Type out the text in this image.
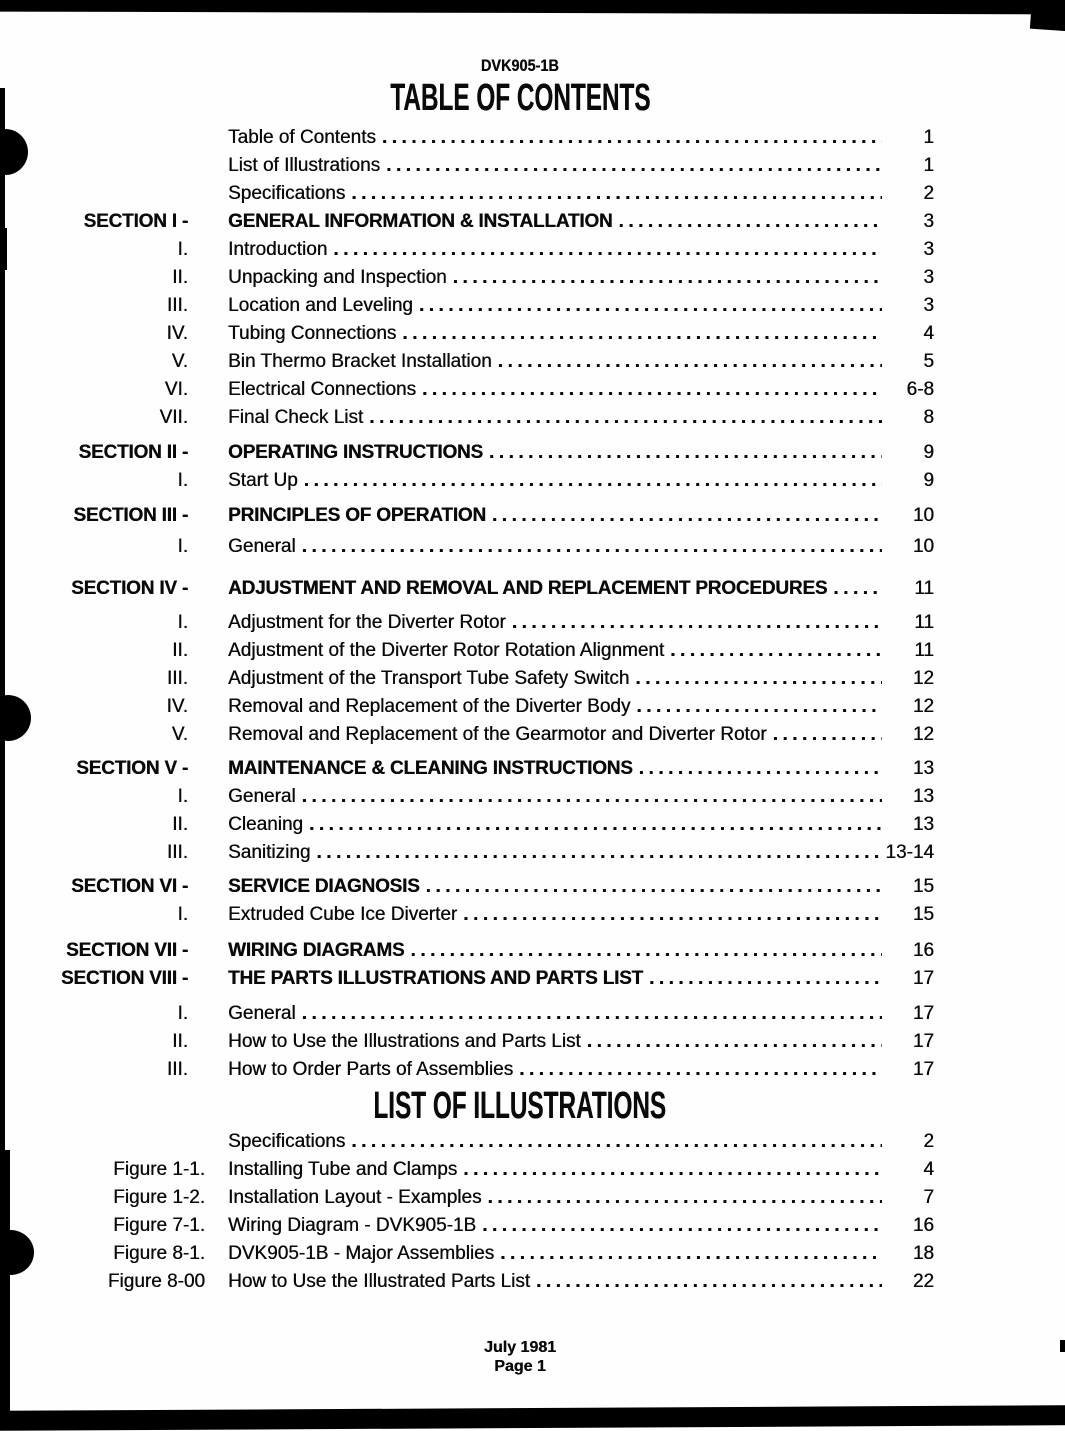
DVK905-1B
TABLE OF CONTENTS
Table of Contents .....	1
List of Illustrations .....	1
Specifications .....	2
SECTION I - GENERAL INFORMATION & INSTALLATION .....	3
I. Introduction .....	3
II. Unpacking and Inspection .....	3
III. Location and Leveling .....	3
IV. Tubing Connections .....	4
V. Bin Thermo Bracket Installation .....	5
VI. Electrical Connections .....	6-8
VII. Final Check List .....	8
SECTION II - OPERATING INSTRUCTIONS .....	9
I. Start Up .....	9
SECTION III - PRINCIPLES OF OPERATION .....	10
I. General .....	10
SECTION IV - ADJUSTMENT AND REMOVAL AND REPLACEMENT PROCEDURES .....	11
I. Adjustment for the Diverter Rotor .....	11
II. Adjustment of the Diverter Rotor Rotation Alignment .....	11
III. Adjustment of the Transport Tube Safety Switch .....	12
IV. Removal and Replacement of the Diverter Body .....	12
V. Removal and Replacement of the Gearmotor and Diverter Rotor .....	12
SECTION V - MAINTENANCE & CLEANING INSTRUCTIONS .....	13
I. General .....	13
II. Cleaning .....	13
III. Sanitizing .....	13-14
SECTION VI - SERVICE DIAGNOSIS .....	15
I. Extruded Cube Ice Diverter .....	15
SECTION VII - WIRING DIAGRAMS .....	16
SECTION VIII - THE PARTS ILLUSTRATIONS AND PARTS LIST .....	17
I. General .....	17
II. How to Use the Illustrations and Parts List .....	17
III. How to Order Parts of Assemblies .....	17
LIST OF ILLUSTRATIONS
Specifications .....	2
Figure 1-1. Installing Tube and Clamps .....	4
Figure 1-2. Installation Layout - Examples .....	7
Figure 7-1. Wiring Diagram - DVK905-1B .....	16
Figure 8-1. DVK905-1B - Major Assemblies .....	18
Figure 8-00 How to Use the Illustrated Parts List .....	22
July 1981
Page 1
